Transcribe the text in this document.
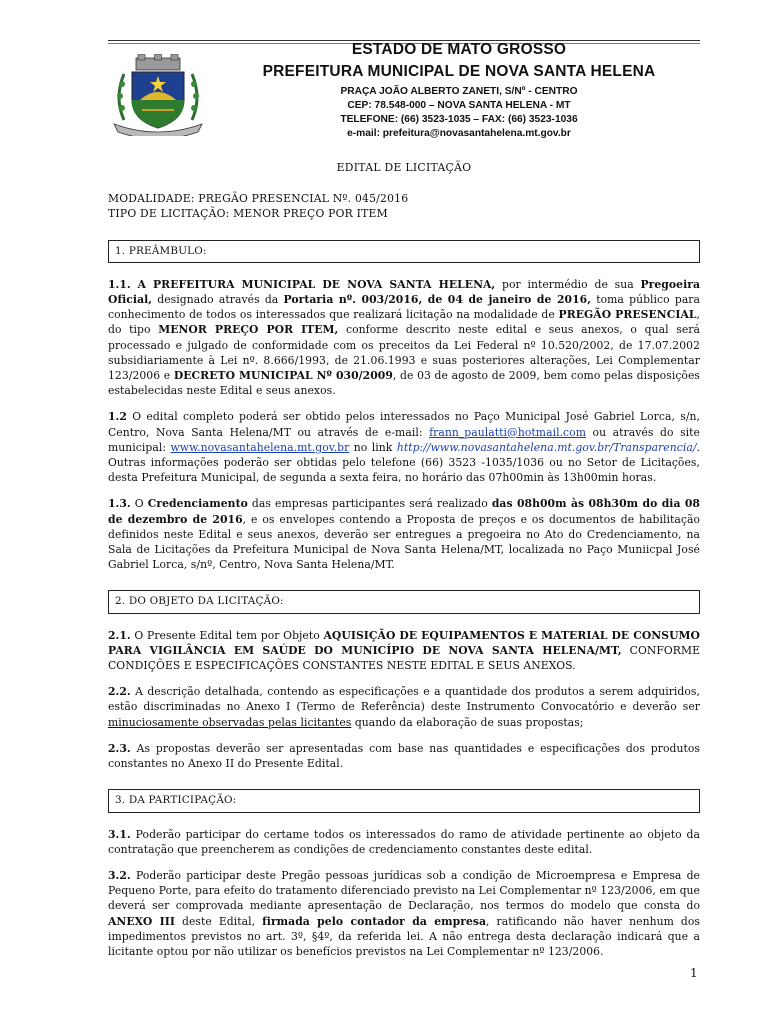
ESTADO DE MATO GROSSO
PREFEITURA MUNICIPAL DE NOVA SANTA HELENA
PRAÇA JOÃO ALBERTO ZANETI, S/Nº - CENTRO
CEP: 78.548-000 – NOVA SANTA HELENA - MT
TELEFONE: (66) 3523-1035 – FAX: (66) 3523-1036
e-mail: prefeitura@novasantahelena.mt.gov.br
EDITAL DE LICITAÇÃO
MODALIDADE: PREGÃO PRESENCIAL Nº. 045/2016
TIPO DE LICITAÇÃO: MENOR PREÇO POR ITEM
1. PREÂMBULO:

1.1. A PREFEITURA MUNICIPAL DE NOVA SANTA HELENA, por intermédio de sua Pregoeira Oficial, designado através da Portaria nº. 003/2016, de 04 de janeiro de 2016, toma público para conhecimento de todos os interessados que realizará licitação na modalidade de PREGÃO PRESENCIAL, do tipo MENOR PREÇO POR ITEM, conforme descrito neste edital e seus anexos, o qual será processado e julgado de conformidade com os preceitos da Lei Federal nº 10.520/2002, de 17.07.2002 subsidiariamente à Lei nº. 8.666/1993, de 21.06.1993 e suas posteriores alterações, Lei Complementar 123/2006 e DECRETO MUNICIPAL Nº 030/2009, de 03 de agosto de 2009, bem como pelas disposições estabelecidas neste Edital e seus anexos.

1.2 O edital completo poderá ser obtido pelos interessados no Paço Municipal José Gabriel Lorca, s/n, Centro, Nova Santa Helena/MT ou através de e-mail: frann_paulatti@hotmail.com ou através do site municipal: www.novasantahelena.mt.gov.br no link http://www.novasantahelena.mt.gov.br/Transparencia/. Outras informações poderão ser obtidas pelo telefone (66) 3523 -1035/1036 ou no Setor de Licitações, desta Prefeitura Municipal, de segunda a sexta feira, no horário das 07h00min às 13h00min horas.

1.3. O Credenciamento das empresas participantes será realizado das 08h00m às 08h30m do dia 08 de dezembro de 2016, e os envelopes contendo a Proposta de preços e os documentos de habilitação definidos neste Edital e seus anexos, deverão ser entregues a pregoeira no Ato do Credenciamento, na Sala de Licitações da Prefeitura Municipal de Nova Santa Helena/MT, localizada no Paço Muniicpal José Gabriel Lorca, s/nº, Centro, Nova Santa Helena/MT.

2. DO OBJETO DA LICITAÇÃO:

2.1. O Presente Edital tem por Objeto AQUISIÇÃO DE EQUIPAMENTOS E MATERIAL DE CONSUMO PARA VIGILÂNCIA EM SAÚDE DO MUNICÍPIO DE NOVA SANTA HELENA/MT, CONFORME CONDIÇÕES E ESPECIFICAÇÕES CONSTANTES NESTE EDITAL E SEUS ANEXOS.

2.2. A descrição detalhada, contendo as especificações e a quantidade dos produtos a serem adquiridos, estão discriminadas no Anexo I (Termo de Referência) deste Instrumento Convocatório e deverão ser minuciosamente observadas pelas licitantes quando da elaboração de suas propostas;

2.3. As propostas deverão ser apresentadas com base nas quantidades e especificações dos produtos constantes no Anexo II do Presente Edital.

3. DA PARTICIPAÇÃO:

3.1. Poderão participar do certame todos os interessados do ramo de atividade pertinente ao objeto da contratação que preencherem as condições de credenciamento constantes deste edital.

3.2. Poderão participar deste Pregão pessoas jurídicas sob a condição de Microempresa e Empresa de Pequeno Porte, para efeito do tratamento diferenciado previsto na Lei Complementar nº 123/2006, em que deverá ser comprovada mediante apresentação de Declaração, nos termos do modelo que consta do ANEXO III deste Edital, firmada pelo contador da empresa, ratificando não haver nenhum dos impedimentos previstos no art. 3º, §4º, da referida lei. A não entrega desta declaração indicará que a licitante optou por não utilizar os benefícios previstos na Lei Complementar nº 123/2006.

1
